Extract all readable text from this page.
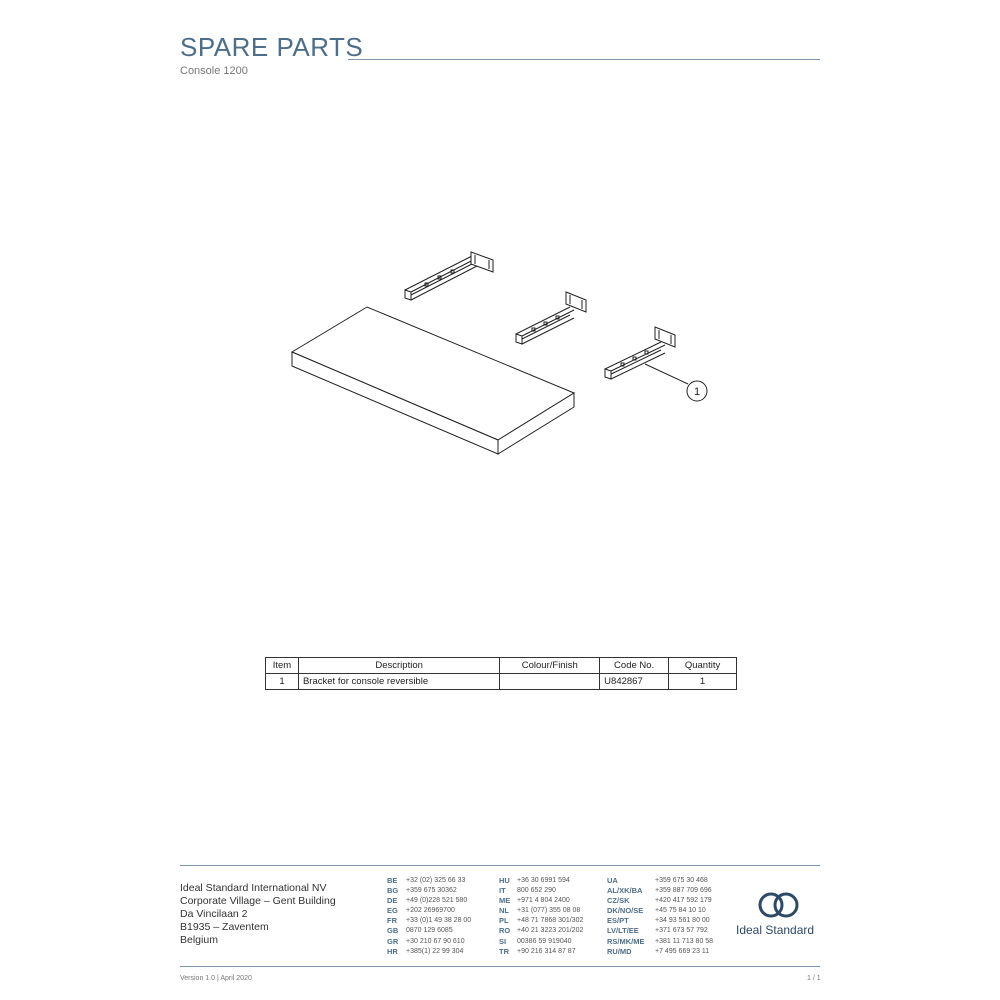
SPARE PARTS
Console 1200
1
Item	Description	Colour/Finish	Code No.	Quantity
1	Bracket for console reversible		U842867	1
Ideal Standard International NV
Corporate Village – Gent Building
Da Vincilaan 2
B1935 – Zaventem
Belgium
BE	+32 (02) 325 66 33
BG	+359 675 30362
DE	+49 (0)228 521 580
EG	+202 26969700
FR	+33 (0)1 49 38 28 00
GB	0870 129 6085
GR	+30 210 67 90 610
HR	+385(1) 22 99 304
HU	+36 30 6991 594
IT	800 652 290
ME +971 4 804 2400
NL	+31 (077) 355 08 08
PL	+48 71 7868 301/302
RO +40 21 3223 201/202
SI	00386 59 919040
TR	+90 216 314 87 87
UA	+359 675 30 468
AL/XK/BA	+359 887 709 696
CZ/SK	+420 417 592 179
DK/NO/SE	+45 75 84 10 10
ES/PT	+34 93 561 80 00
LV/LT/EE	+371 673 57 792
RS/MK/ME	+381 11 713 80 58
RU/MD	+7 495 669 23 11
Ideal Standard
Version 1.0 | April 2020	1 / 1
